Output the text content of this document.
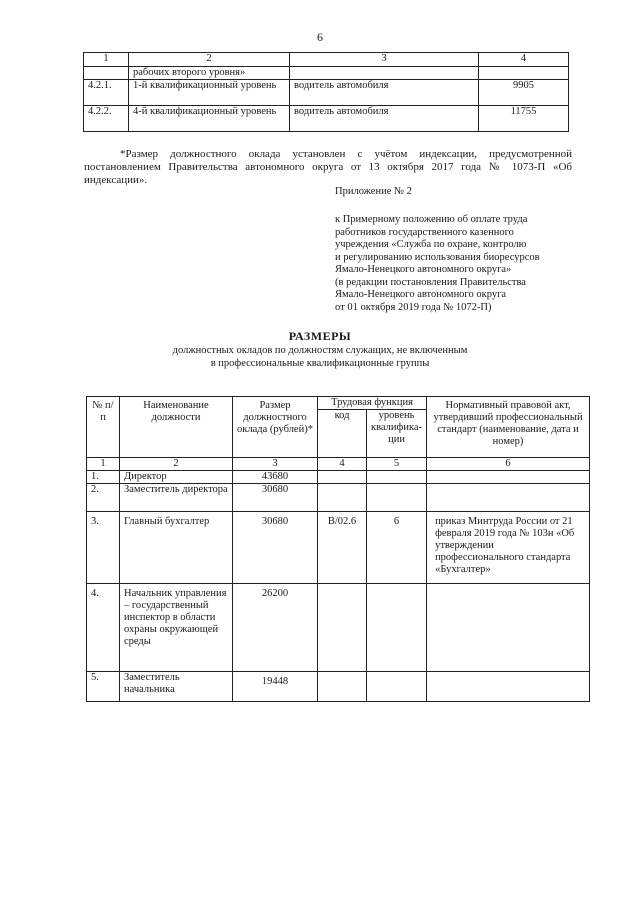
6
1	2	3	4
	рабочих второго уровня»		
4.2.1.	1-й квалификационный уровень	водитель автомобиля	9905
4.2.2.	4-й квалификационный уровень	водитель автомобиля	11755
*Размер должностного оклада установлен с учётом индексации, предусмотренной постановлением Правительства автономного округа от 13 октября 2017 года № 1073-П «Об индексации».
Приложение № 2
к Примерному положению об оплате труда
работников государственного казенного
учреждения «Служба по охране, контролю
и регулированию использования биоресурсов
Ямало-Ненецкого автономного округа»
(в редакции постановления Правительства
Ямало-Ненецкого автономного округа
от 01 октября 2019 года № 1072-П)
РАЗМЕРЫ
должностных окладов по должностям служащих, не включенным
в профессиональные квалификационные группы
№ п/п	Наименование должности	Размер должностного оклада (рублей)*	Трудовая функция		Нормативный правовой акт, утвердивший профессиональный стандарт (наименование, дата и номер)
			код	уровень квалифика-ции	
1	2	3	4	5	6
1.	Директор	43680			
2.	Заместитель директора	30680			
3.	Главный бухгалтер	30680	В/02.6	6	приказ Минтруда России от 21 февраля 2019 года № 103н «Об утверждении профессионального стандарта «Бухгалтер»
4.	Начальник управления – государственный инспектор в области охраны окружающей среды	26200			
5.	Заместитель начальника	19448			
